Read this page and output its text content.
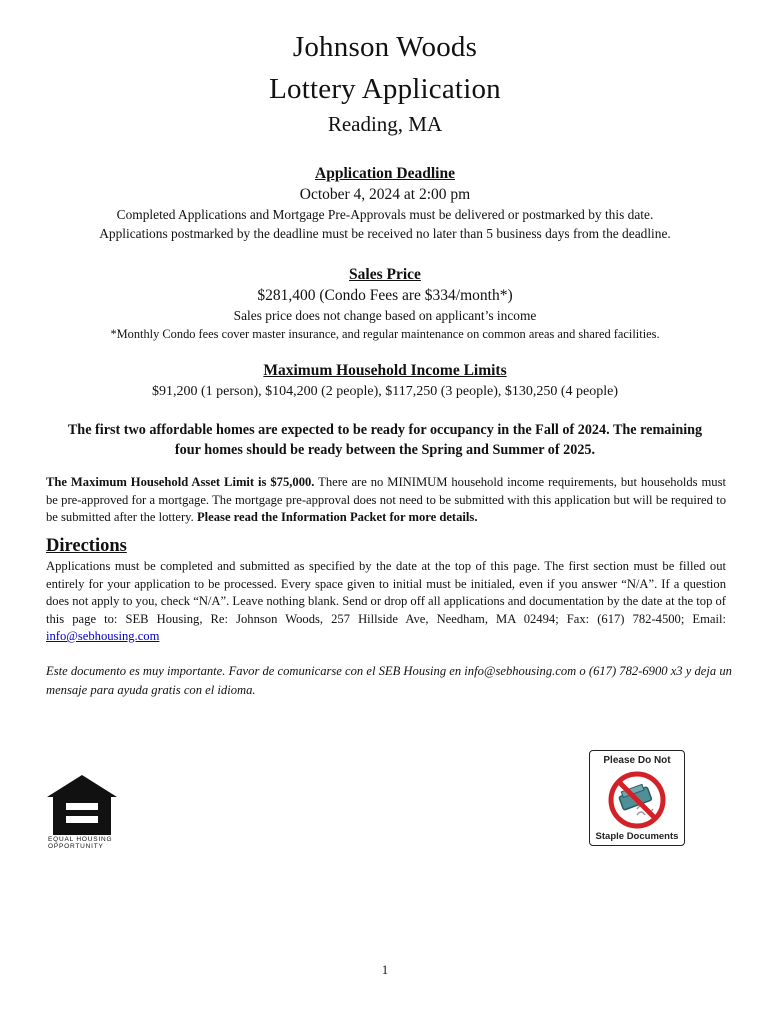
Johnson Woods
Lottery Application
Reading, MA
Application Deadline
October 4, 2024 at 2:00 pm
Completed Applications and Mortgage Pre-Approvals must be delivered or postmarked by this date.
Applications postmarked by the deadline must be received no later than 5 business days from the deadline.
Sales Price
$281,400 (Condo Fees are $334/month*)
Sales price does not change based on applicant’s income
*Monthly Condo fees cover master insurance, and regular maintenance on common areas and shared facilities.
Maximum Household Income Limits
$91,200 (1 person), $104,200 (2 people), $117,250 (3 people), $130,250 (4 people)
The first two affordable homes are expected to be ready for occupancy in the Fall of 2024. The remaining
four homes should be ready between the Spring and Summer of 2025.
The Maximum Household Asset Limit is $75,000. There are no MINIMUM household income requirements, but households must be pre-approved for a mortgage. The mortgage pre-approval does not need to be submitted with this application but will be required to be submitted after the lottery. Please read the Information Packet for more details.
Directions
Applications must be completed and submitted as specified by the date at the top of this page. The first section must be filled out entirely for your application to be processed. Every space given to initial must be initialed, even if you answer “N/A”. If a question does not apply to you, check “N/A”. Leave nothing blank. Send or drop off all applications and documentation by the date at the top of this page to: SEB Housing, Re: Johnson Woods, 257 Hillside Ave, Needham, MA 02494; Fax: (617) 782-4500; Email: info@sebhousing.com
Este documento es muy importante. Favor de comunicarse con el SEB Housing en info@sebhousing.com o (617) 782-6900 x3 y deja un mensaje para ayuda gratis con el idioma.
EQUAL HOUSING
OPPORTUNITY
Please Do Not
Staple Documents
1
